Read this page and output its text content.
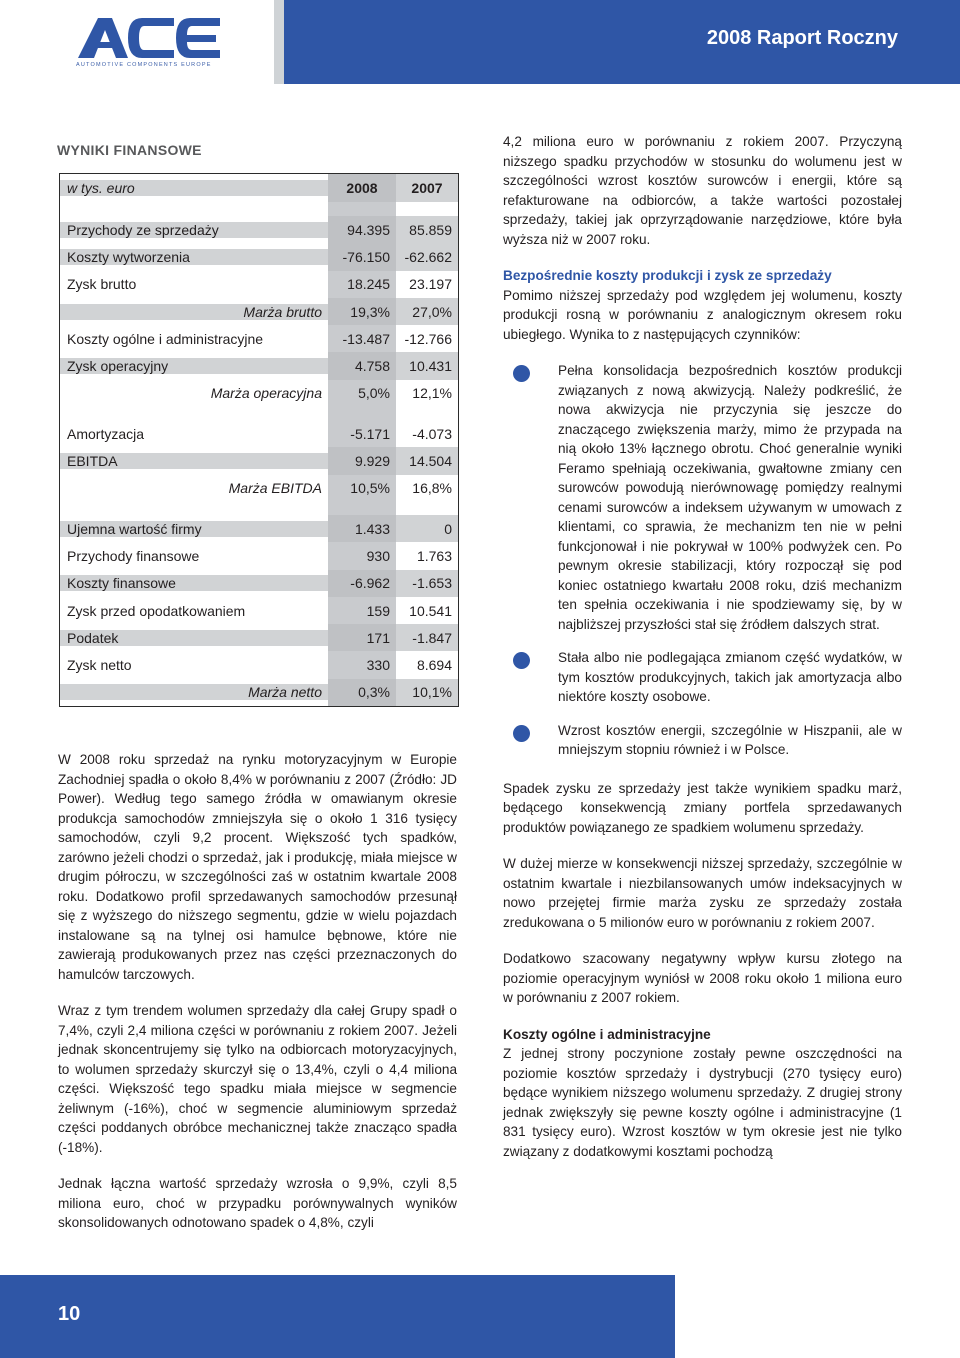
AUTOMOTIVE COMPONENTS EUROPE
2008 Raport Roczny
WYNIKI FINANSOWE
w tys. euro	2008	2007
Przychody ze sprzedaży	94.395	85.859
Koszty wytworzenia	-76.150	-62.662
Zysk brutto	18.245	23.197
Marża brutto	19,3%	27,0%
Koszty ogólne i administracyjne	-13.487	-12.766
Zysk operacyjny	4.758	10.431
Marża operacyjna	5,0%	12,1%
Amortyzacja	-5.171	-4.073
EBITDA	9.929	14.504
Marża EBITDA	10,5%	16,8%
Ujemna wartość firmy	1.433	0
Przychody finansowe	930	1.763
Koszty finansowe	-6.962	-1.653
Zysk przed opodatkowaniem	159	10.541
Podatek	171	-1.847
Zysk netto	330	8.694
Marża netto	0,3%	10,1%

W 2008 roku sprzedaż na rynku motoryzacyjnym w Europie Zachodniej spadła o około 8,4% w porównaniu z 2007 (Źródło: JD Power). Według tego samego źródła w omawianym okresie produkcja samochodów zmniejszyła się o około 1 316 tysięcy samochodów, czyli 9,2 procent. Większość tych spadków, zarówno jeżeli chodzi o sprzedaż, jak i produkcję, miała miejsce w drugim półroczu, w szczególności zaś w ostatnim kwartale 2008 roku. Dodatkowo profil sprzedawanych samochodów przesunął się z wyższego do niższego segmentu, gdzie w wielu pojazdach instalowane są na tylnej osi hamulce bębnowe, które nie zawierają produkowanych przez nas części przeznaczonych do hamulców tarczowych.

Wraz z tym trendem wolumen sprzedaży dla całej Grupy spadł o 7,4%, czyli 2,4 miliona części w porównaniu z rokiem 2007. Jeżeli jednak skoncentrujemy się tylko na odbiorcach motoryzacyjnych, to wolumen sprzedaży skurczył się o 13,4%, czyli o 4,4 miliona części. Większość tego spadku miała miejsce w segmencie żeliwnym (-16%), choć w segmencie aluminiowym sprzedaż części poddanych obróbce mechanicznej także znacząco spadła (-18%).

Jednak łączna wartość sprzedaży wzrosła o 9,9%, czyli 8,5 miliona euro, choć w przypadku porównywalnych wyników skonsolidowanych odnotowano spadek o 4,8%, czyli

4,2 miliona euro w porównaniu z rokiem 2007. Przyczyną niższego spadku przychodów w stosunku do wolumenu jest w szczególności wzrost kosztów surowców i energii, które są refakturowane na odbiorców, a także wartości pozostałej sprzedaży, takiej jak oprzyrządowanie narzędziowe, które była wyższa niż w 2007 roku.

Bezpośrednie koszty produkcji i zysk ze sprzedaży

Pomimo niższej sprzedaży pod względem jej wolumenu, koszty produkcji rosną w porównaniu z analogicznym okresem roku ubiegłego. Wynika to z następujących czynników:

Pełna konsolidacja bezpośrednich kosztów produkcji związanych z nową akwizycją. Należy podkreślić, że nowa akwizycja nie przyczynia się jeszcze do znaczącego zwiększenia marży, mimo że przypada na nią około 13% łącznego obrotu. Choć generalnie wyniki Feramo spełniają oczekiwania, gwałtowne zmiany cen surowców powodują nierównowagę pomiędzy realnymi cenami surowców a indeksem używanym w umowach z klientami, co sprawia, że mechanizm ten nie w pełni funkcjonował i nie pokrywał w 100% podwyżek cen. Po pewnym okresie stabilizacji, który rozpoczął się pod koniec ostatniego kwartału 2008 roku, dziś mechanizm ten spełnia oczekiwania i nie spodziewamy się, by w najbliższej przyszłości stał się źródłem dalszych strat.
Stała albo nie podlegająca zmianom część wydatków, w tym kosztów produkcyjnych, takich jak amortyzacja albo niektóre koszty osobowe.
Wzrost kosztów energii, szczególnie w Hiszpanii, ale w mniejszym stopniu również i w Polsce.

Spadek zysku ze sprzedaży jest także wynikiem spadku marż, będącego konsekwencją zmiany portfela sprzedawanych produktów powiązanego ze spadkiem wolumenu sprzedaży.

W dużej mierze w konsekwencji niższej sprzedaży, szczególnie w ostatnim kwartale i niezbilansowanych umów indeksacyjnych w nowo przejętej firmie marża zysku ze sprzedaży została zredukowana o 5 milionów euro w porównaniu z rokiem 2007.

Dodatkowo szacowany negatywny wpływ kursu złotego na poziomie operacyjnym wyniósł w 2008 roku około 1 miliona euro w porównaniu z 2007 rokiem.

Koszty ogólne i administracyjne

Z jednej strony poczynione zostały pewne oszczędności na poziomie kosztów sprzedaży i dystrybucji (270 tysięcy euro) będące wynikiem niższego wolumenu sprzedaży. Z drugiej strony jednak zwiększyły się pewne koszty ogólne i administracyjne (1 831 tysięcy euro). Wzrost kosztów w tym okresie jest nie tylko związany z dodatkowymi kosztami pochodzą

10
